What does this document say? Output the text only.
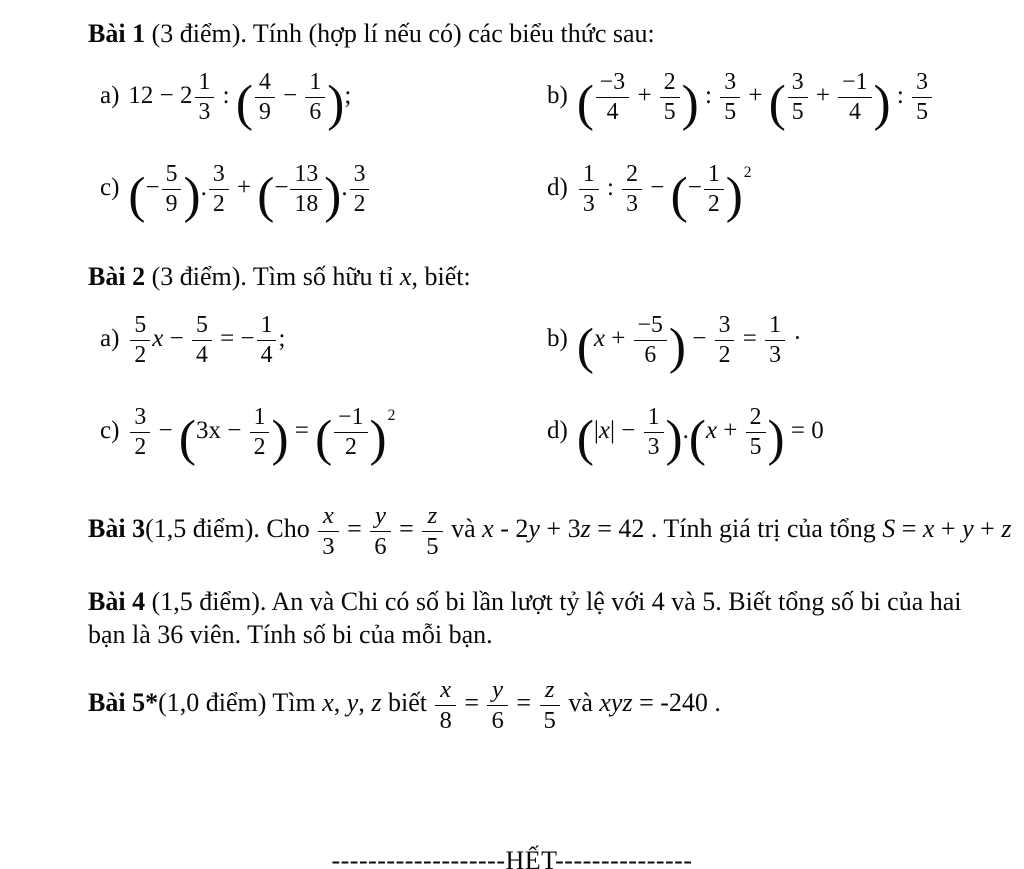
Bài 1 (3 điểm). Tính (hợp lí nếu có) các biểu thức sau:

a) $12 - 2 \frac{1}{3}$ : ( $\frac{4}{9} - \frac{1}{6}$ );	b) ( $\frac{-3}{4} + \frac{2}{5}$ ) : $\frac{3}{5}$ + ( $\frac{3}{5} + \frac{-1}{4}$ ) : $\frac{3}{5}$
c) (− $\frac{5}{9}$ ). $\frac{3}{2}$ + (− $\frac{13}{18}$ ). $\frac{3}{2}$	$d) \frac{1}{3}$ : $\frac{2}{3}$ − (− $\frac{1}{2} )^2$

Bài 2 (3 điểm). Tìm số hữu tỉ x, biết:

$a) \frac{5}{2}$ $x - \frac{5}{4}$ = − $\frac{1}{4}$ ;	b) ($x + \frac{-5}{6}$ ) − $\frac{3}{2} = \frac{1}{3}$ ·
$c) \frac{3}{2} - (3x - \frac{1}{2}$ ) = ( $\frac{-1}{2} )^2$
d) $(|x| - \frac{1}{3} ).(x + \frac{2}{5}$ ) = 0

Bài 3(1,5 điểm). Cho $\frac{x}{3} = \frac{y}{6} = \frac{z}{5}$ và x - 2y + 3z = 42 . Tính giá trị của tổng S = x + y + z

Bài 4 (1,5 điểm). An và Chi có số bi lần lượt tỷ lệ với 4 và 5. Biết tổng số bi của hai bạn là 36 viên. Tính số bi của mỗi bạn.

Bài 5*(1,0 điểm) Tìm x, y, z biết $\frac{x}{8} = \frac{y}{6} = \frac{z}{5}$ và xyz = -240 .

-------------------HẾT---------------
